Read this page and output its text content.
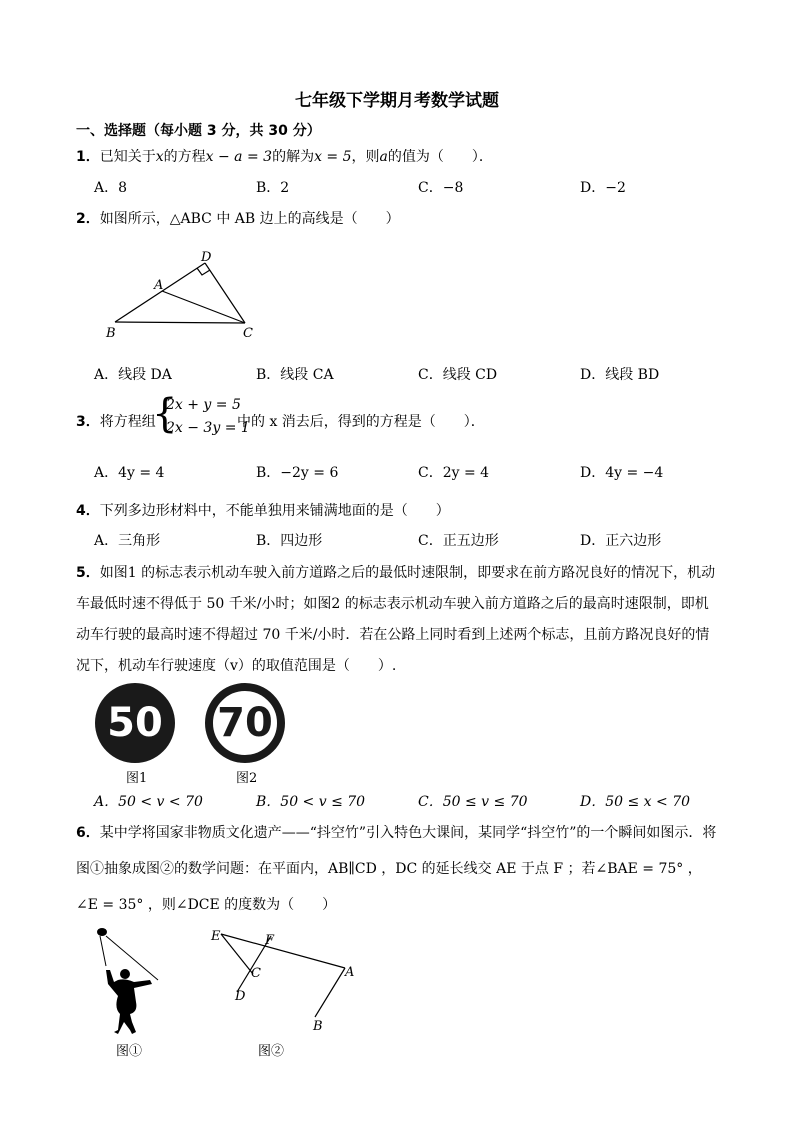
七年级下学期月考数学试题
一、选择题（每小题 3 分，共 30 分）
1．已知关于x的方程x − a = 3的解为x = 5，则a的值为（　　）．
A．8	B．2	C．−8	D．−2
2．如图所示，△ABC 中 AB 边上的高线是（　　）
D
A
B	C
A．线段 DA	B．线段 CA	C．线段 CD	D．线段 BD
3．将方程组
{
2x + y = 5
2x − 3y = 1
中的 x 消去后，得到的方程是（　　）．
A．4y = 4	B．−2y = 6	C．2y = 4	D．4y = −4
4．下列多边形材料中，不能单独用来铺满地面的是（　　）
A．三角形	B．四边形	C．正五边形	D．正六边形
5．如图1 的标志表示机动车驶入前方道路之后的最低时速限制，即要求在前方路况良好的情况下，机动
车最低时速不得低于 50 千米/小时；如图2 的标志表示机动车驶入前方道路之后的最高时速限制，即机
动车行驶的最高时速不得超过 70 千米/小时．若在公路上同时看到上述两个标志，且前方路况良好的情
况下，机动车行驶速度（v）的取值范围是（　　）.
50 70
图1	图2
A．50 < v < 70	B．50 < v ≤ 70	C．50 ≤ v ≤ 70	D．50 ≤ x < 70
6．某中学将国家非物质文化遗产——“抖空竹”引入特色大课间，某同学“抖空竹”的一个瞬间如图示．将
图①抽象成图②的数学问题：在平面内，AB∥CD ，DC 的延长线交 AE 于点 F ；若∠BAE = 75° ，
∠E = 35° ，则∠DCE 的度数为（　　）
图①
E	F
C	A
D
B
图②
